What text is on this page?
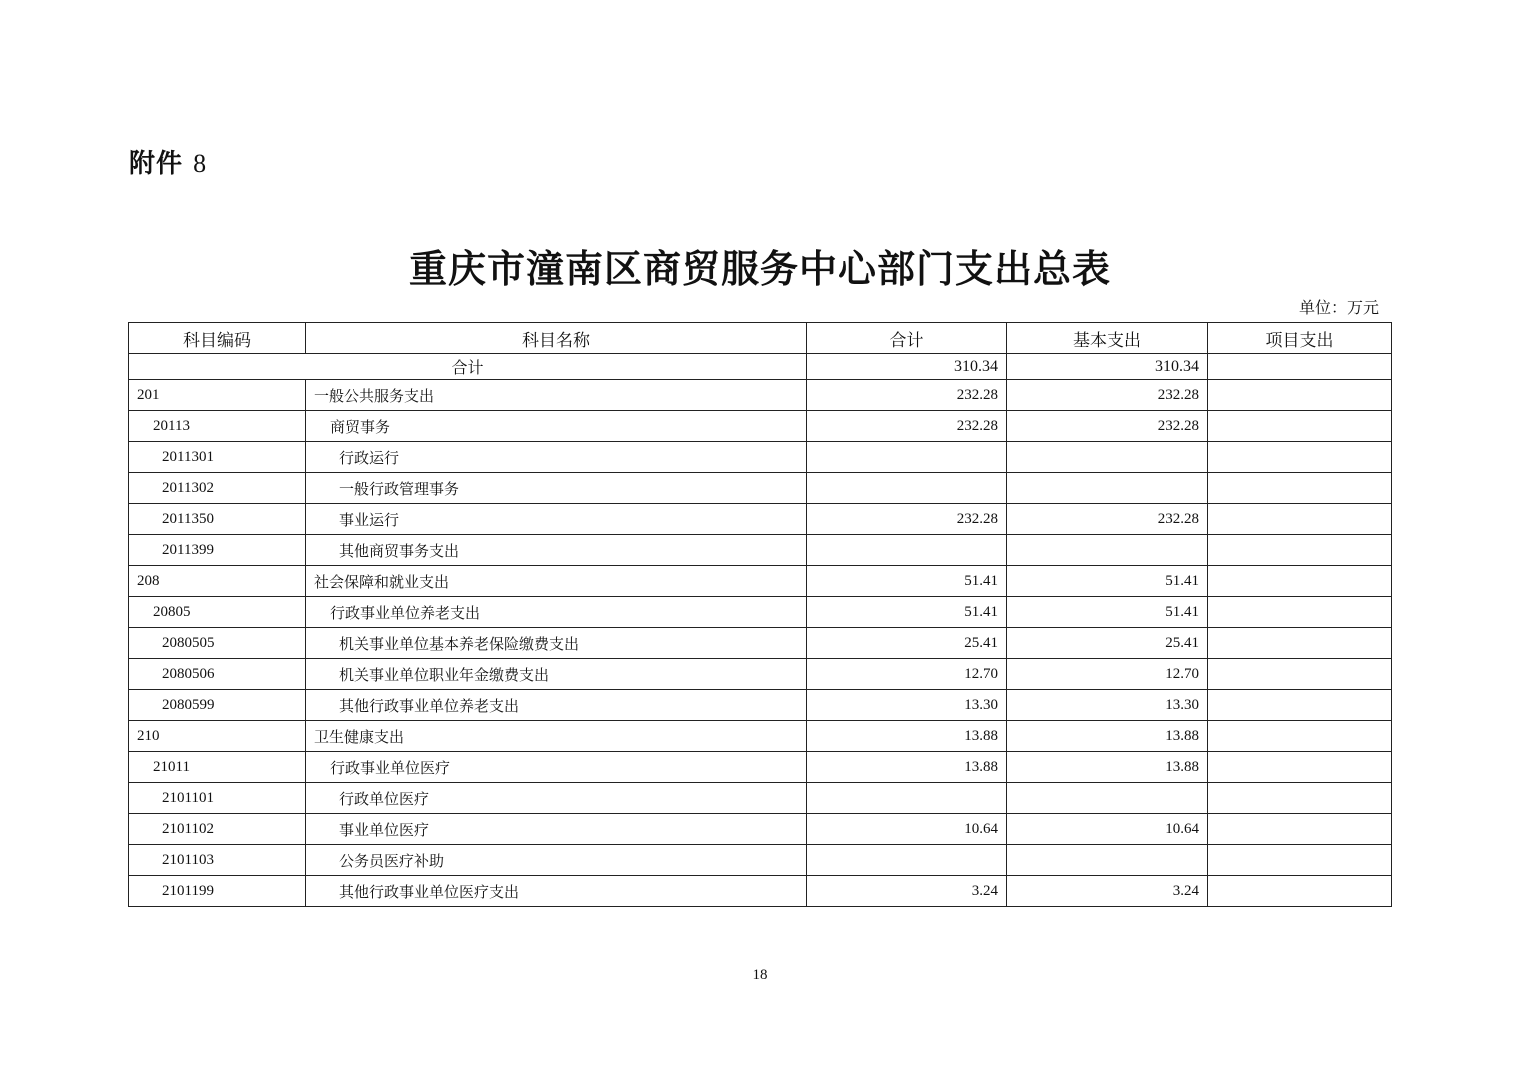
附件 8
重庆市潼南区商贸服务中心部门支出总表
单位：万元
科目编码	科目名称	合计	基本支出	项目支出
合计		310.34	310.34	
201	一般公共服务支出	232.28	232.28	
20113	商贸事务	232.28	232.28	
2011301	行政运行			
2011302	一般行政管理事务			
2011350	事业运行	232.28	232.28	
2011399	其他商贸事务支出			
208	社会保障和就业支出	51.41	51.41	
20805	行政事业单位养老支出	51.41	51.41	
2080505	机关事业单位基本养老保险缴费支出	25.41	25.41	
2080506	机关事业单位职业年金缴费支出	12.70	12.70	
2080599	其他行政事业单位养老支出	13.30	13.30	
210	卫生健康支出	13.88	13.88	
21011	行政事业单位医疗	13.88	13.88	
2101101	行政单位医疗			
2101102	事业单位医疗	10.64	10.64	
2101103	公务员医疗补助			
2101199	其他行政事业单位医疗支出	3.24	3.24	
18
